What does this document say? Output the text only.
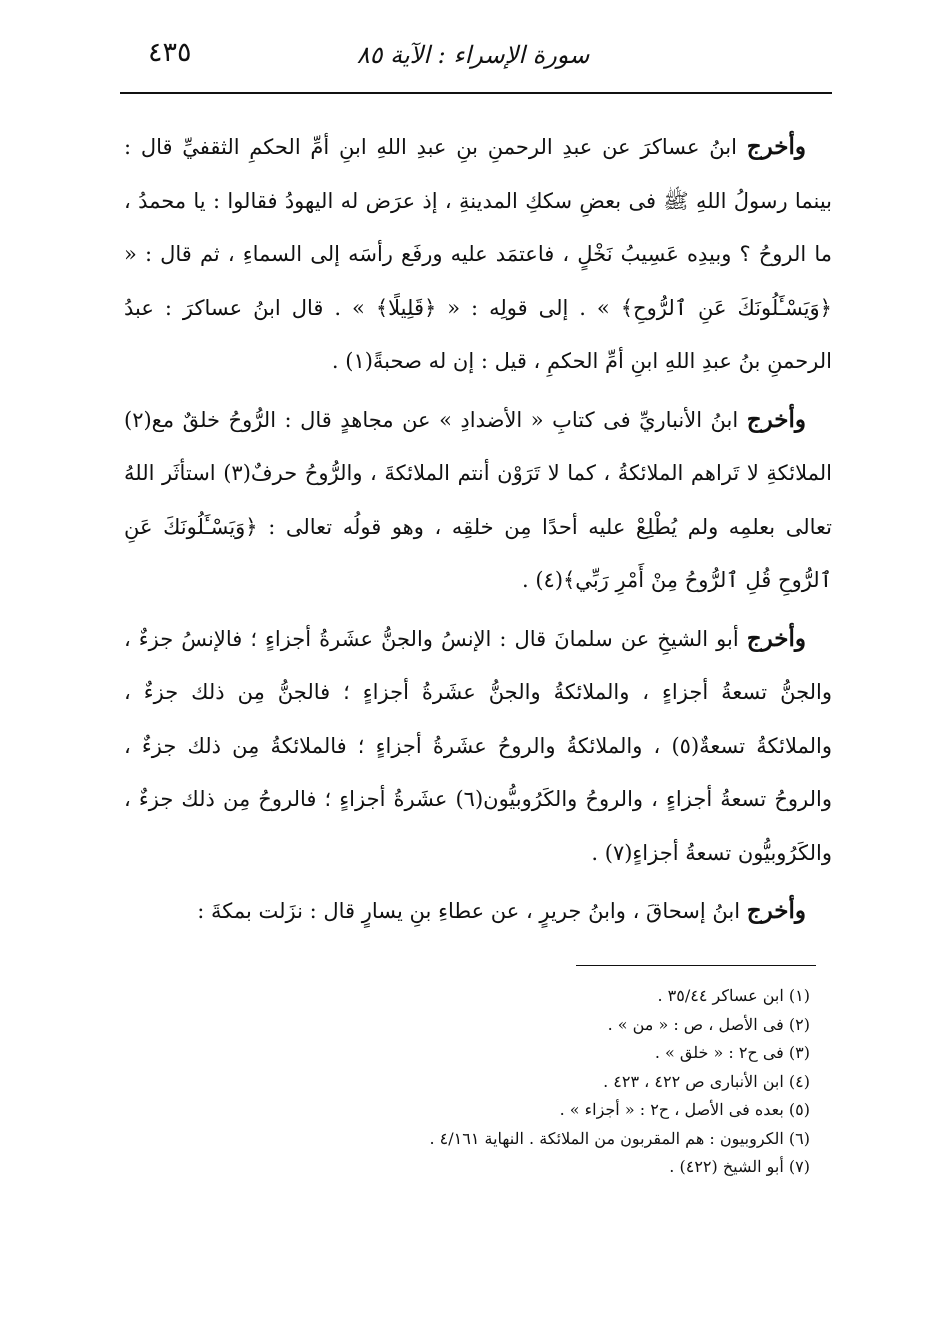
سورة الإسراء : الآية ٨٥
٤٣٥

وأخرج ابنُ عساكرَ عن عبدِ الرحمنِ بنِ عبدِ اللهِ ابنِ أمِّ الحكمِ الثقفيِّ قال : بينما رسولُ اللهِ ﷺ فى بعضِ سككِ المدينةِ ، إذ عرَض له اليهودُ فقالوا : يا محمدُ ، ما الروحُ ؟ وبيدِه عَسِيبُ نَخْلٍ ، فاعتمَد عليه ورفَع رأسَه إلى السماءِ ، ثم قال : « ﴿وَيَسْـَٔلُونَكَ عَنِ ٱلرُّوحِ﴾ » . إلى قولِه : « ﴿قَلِيلًا﴾ » . قال ابنُ عساكرَ : عبدُ الرحمنِ بنُ عبدِ اللهِ ابنِ أمِّ الحكمِ ، قيل : إن له صحبةً(١) .

وأخرج ابنُ الأنباريِّ فى كتابِ « الأضدادِ » عن مجاهدٍ قال : الرُّوحُ خلقٌ مع(٢) الملائكةِ لا تَراهم الملائكةُ ، كما لا تَرَوْن أنتم الملائكةَ ، والرُّوحُ حرفٌ(٣) استأثَر اللهُ تعالى بعلمِه ولم يُطْلِعْ عليه أحدًا مِن خلقِه ، وهو قولُه تعالى : ﴿وَيَسْـَٔلُونَكَ عَنِ ٱلرُّوحِ قُلِ ٱلرُّوحُ مِنْ أَمْرِ رَبِّي﴾(٤) .

وأخرج أبو الشيخِ عن سلمانَ قال : الإنسُ والجنُّ عشَرةُ أجزاءٍ ؛ فالإنسُ جزءٌ ، والجنُّ تسعةُ أجزاءٍ ، والملائكةُ والجنُّ عشَرةُ أجزاءٍ ؛ فالجنُّ مِن ذلك جزءٌ ، والملائكةُ تسعةٌ(٥) ، والملائكةُ والروحُ عشَرةُ أجزاءٍ ؛ فالملائكةُ مِن ذلك جزءٌ ، والروحُ تسعةُ أجزاءٍ ، والروحُ والكَرُوبيُّون(٦) عشَرةُ أجزاءٍ ؛ فالروحُ مِن ذلك جزءٌ ، والكَرُوبيُّون تسعةُ أجزاءٍ(٧) .

وأخرج ابنُ إسحاقَ ، وابنُ جريرٍ ، عن عطاءِ بنِ يسارٍ قال : نزَلت بمكةَ :

(١) ابن عساكر ٣٥/٤٤ .
(٢) فى الأصل ، ص : « من » .
(٣) فى ح٢ : « خلق » .
(٤) ابن الأنبارى ص ٤٢٢ ، ٤٢٣ .
(٥) بعده فى الأصل ، ح٢ : « أجزاء » .
(٦) الكروبيون : هم المقربون من الملائكة . النهاية ٤/١٦١ .
(٧) أبو الشيخ (٤٢٢) .
